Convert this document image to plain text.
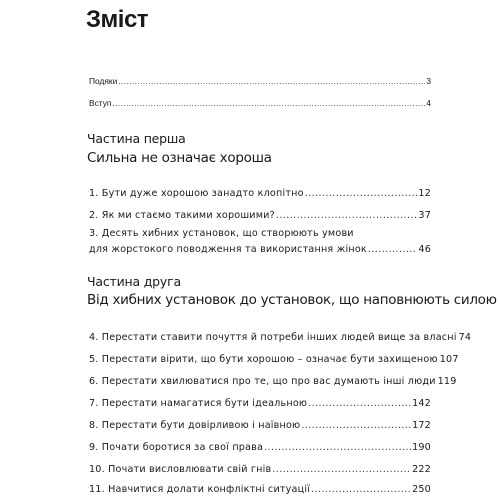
Зміст
Подяки .....	3
Вступ .....	4
Частина перша
Сильна не означає хороша
1. Бути дуже хорошою занадто клопітно .....	12
2. Як ми стаємо такими хорошими? .....	37
3. Десять хибних установок, що створюють умови
для жорстокого поводження та використання жінок .....	46
Частина друга
Від хибних установок до установок, що наповнюють силою
4. Перестати ставити почуття й потреби інших людей вище за власні 74
5. Перестати вірити, що бути хорошою – означає бути захищеною 107
6. Перестати хвилюватися про те, що про вас думають інші люди 119
7. Перестати намагатися бути ідеальною .....	142
8. Перестати бути довірливою і наївною .....	172
9. Почати боротися за свої права .....	190
10. Почати висловлювати свій гнів .....	222
11. Навчитися долати конфліктні ситуації .....	250
